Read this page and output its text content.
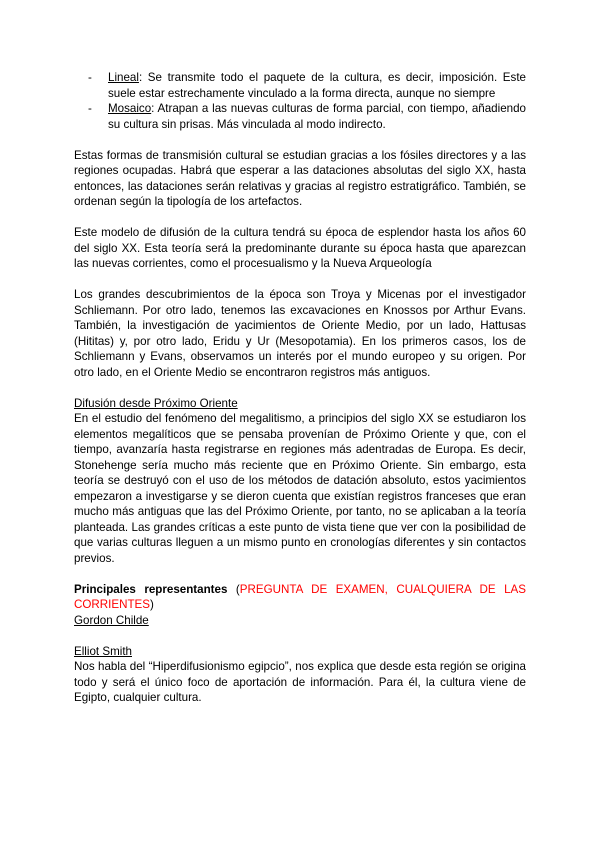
- Lineal: Se transmite todo el paquete de la cultura, es decir, imposición. Este suele estar estrechamente vinculado a la forma directa, aunque no siempre
- Mosaico: Atrapan a las nuevas culturas de forma parcial, con tiempo, añadiendo su cultura sin prisas. Más vinculada al modo indirecto.

Estas formas de transmisión cultural se estudian gracias a los fósiles directores y a las regiones ocupadas. Habrá que esperar a las dataciones absolutas del siglo XX, hasta entonces, las dataciones serán relativas y gracias al registro estratigráfico. También, se ordenan según la tipología de los artefactos.

Este modelo de difusión de la cultura tendrá su época de esplendor hasta los años 60 del siglo XX. Esta teoría será la predominante durante su época hasta que aparezcan las nuevas corrientes, como el procesualismo y la Nueva Arqueología

Los grandes descubrimientos de la época son Troya y Micenas por el investigador Schliemann. Por otro lado, tenemos las excavaciones en Knossos por Arthur Evans. También, la investigación de yacimientos de Oriente Medio, por un lado, Hattusas (Hititas) y, por otro lado, Eridu y Ur (Mesopotamia). En los primeros casos, los de Schliemann y Evans, observamos un interés por el mundo europeo y su origen. Por otro lado, en el Oriente Medio se encontraron registros más antiguos.

Difusión desde Próximo Oriente

En el estudio del fenómeno del megalitismo, a principios del siglo XX se estudiaron los elementos megalíticos que se pensaba provenían de Próximo Oriente y que, con el tiempo, avanzaría hasta registrarse en regiones más adentradas de Europa. Es decir, Stonehenge sería mucho más reciente que en Próximo Oriente. Sin embargo, esta teoría se destruyó con el uso de los métodos de datación absoluto, estos yacimientos empezaron a investigarse y se dieron cuenta que existían registros franceses que eran mucho más antiguas que las del Próximo Oriente, por tanto, no se aplicaban a la teoría planteada. Las grandes críticas a este punto de vista tiene que ver con la posibilidad de que varias culturas lleguen a un mismo punto en cronologías diferentes y sin contactos previos.

Principales representantes (PREGUNTA DE EXAMEN, CUALQUIERA DE LAS CORRIENTES)

Gordon Childe

Elliot Smith

Nos habla del “Hiperdifusionismo egipcio”, nos explica que desde esta región se origina todo y será el único foco de aportación de información. Para él, la cultura viene de Egipto, cualquier cultura.
